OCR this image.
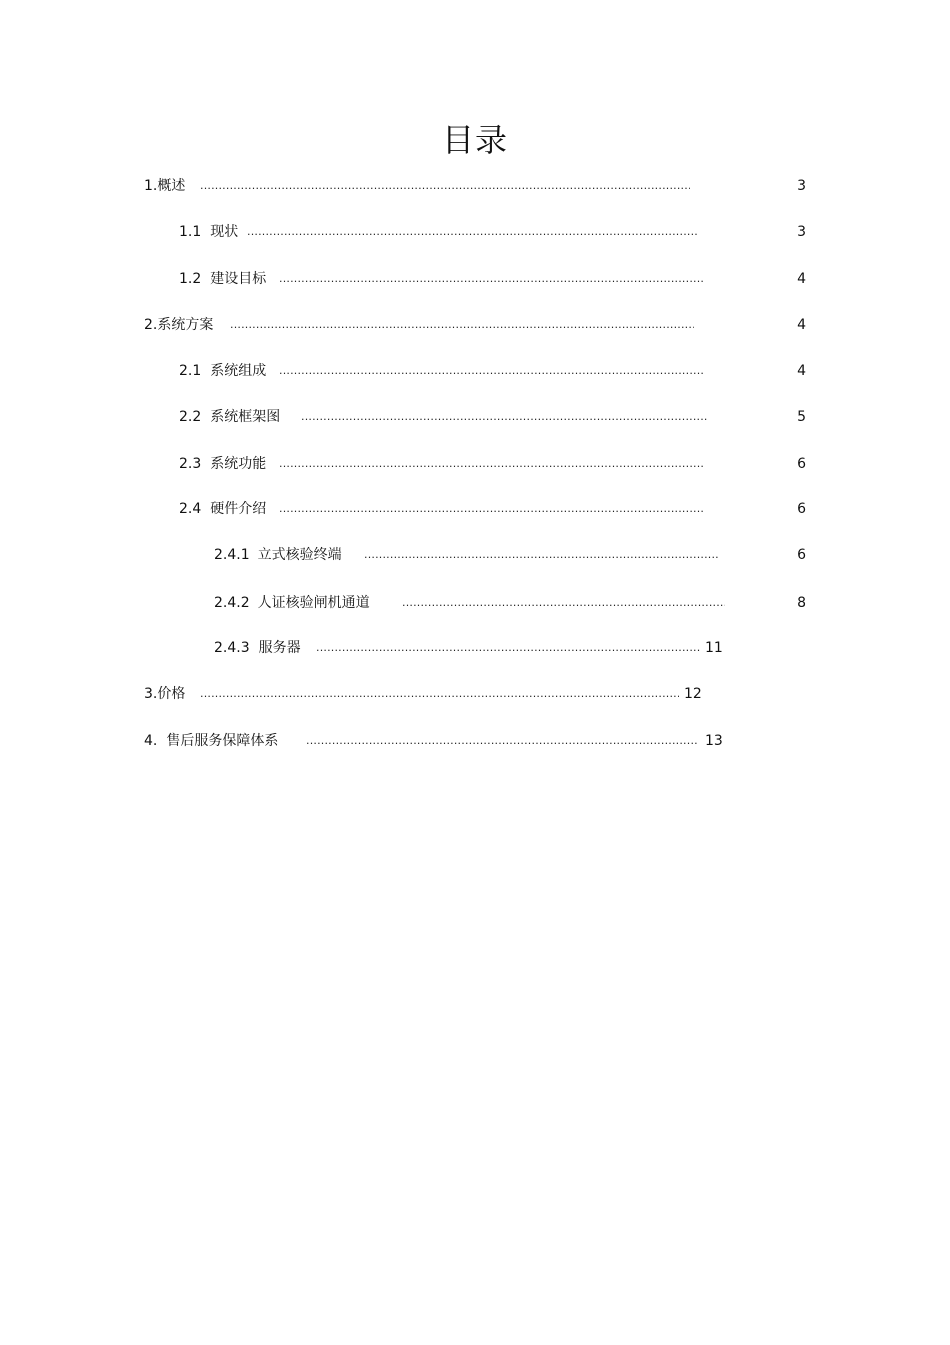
目录
1. 概述 .....	3
1.1 现状 .....	3
1.2 建设目标 .....	4
2. 系统方案 .....	4
2.1 系统组成 .....	4
2.2 系统框架图 .....	5
2.3 系统功能 .....	6
2.4 硬件介绍 .....	6
2.4.1 立式核验终端 .....	6
2.4.2 人证核验闸机通道 .....	8
2.4.3 服务器 .....	11
3. 价格 .....	12
4. 售后服务保障体系 .....	13
